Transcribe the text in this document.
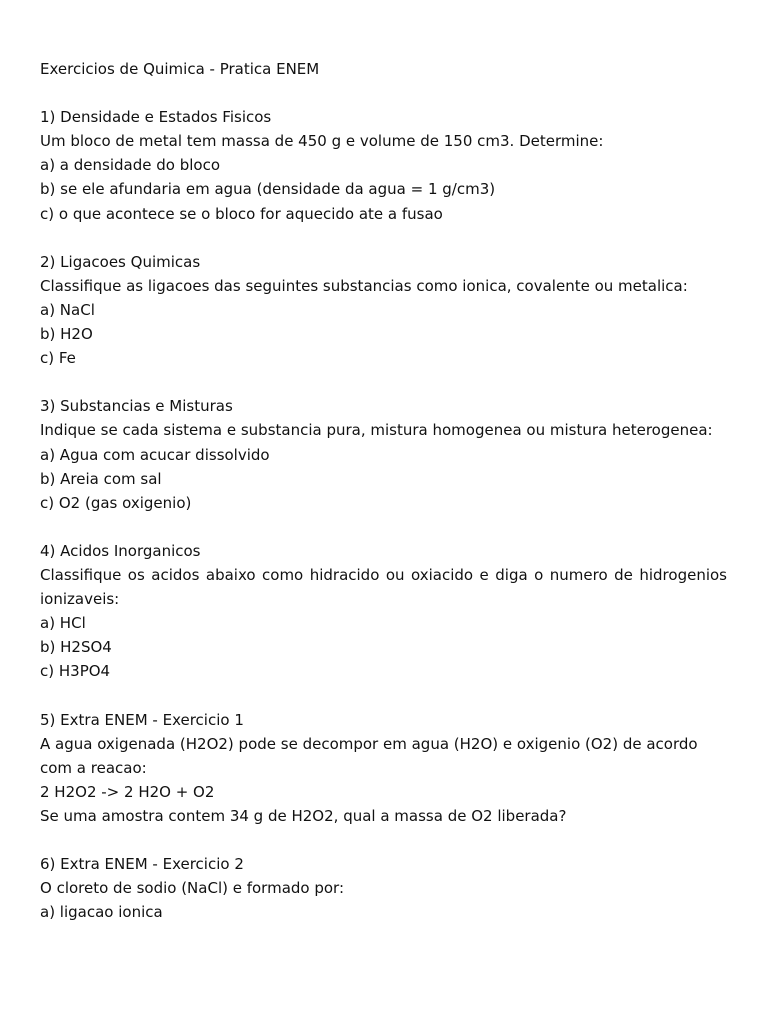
Exercicios de Quimica - Pratica ENEM
1) Densidade e Estados Fisicos
Um bloco de metal tem massa de 450 g e volume de 150 cm3. Determine:
a) a densidade do bloco
b) se ele afundaria em agua (densidade da agua = 1 g/cm3)
c) o que acontece se o bloco for aquecido ate a fusao
2) Ligacoes Quimicas
Classifique as ligacoes das seguintes substancias como ionica, covalente ou metalica:
a) NaCl
b) H2O
c) Fe
3) Substancias e Misturas
Indique se cada sistema e substancia pura, mistura homogenea ou mistura heterogenea:
a) Agua com acucar dissolvido
b) Areia com sal
c) O2 (gas oxigenio)
4) Acidos Inorganicos
Classifique os acidos abaixo como hidracido ou oxiacido e diga o numero de hidrogenios ionizaveis:
a) HCl
b) H2SO4
c) H3PO4
5) Extra ENEM - Exercicio 1
A agua oxigenada (H2O2) pode se decompor em agua (H2O) e oxigenio (O2) de acordo com a reacao:
2 H2O2 -> 2 H2O + O2
Se uma amostra contem 34 g de H2O2, qual a massa de O2 liberada?
6) Extra ENEM - Exercicio 2
O cloreto de sodio (NaCl) e formado por:
a) ligacao ionica
